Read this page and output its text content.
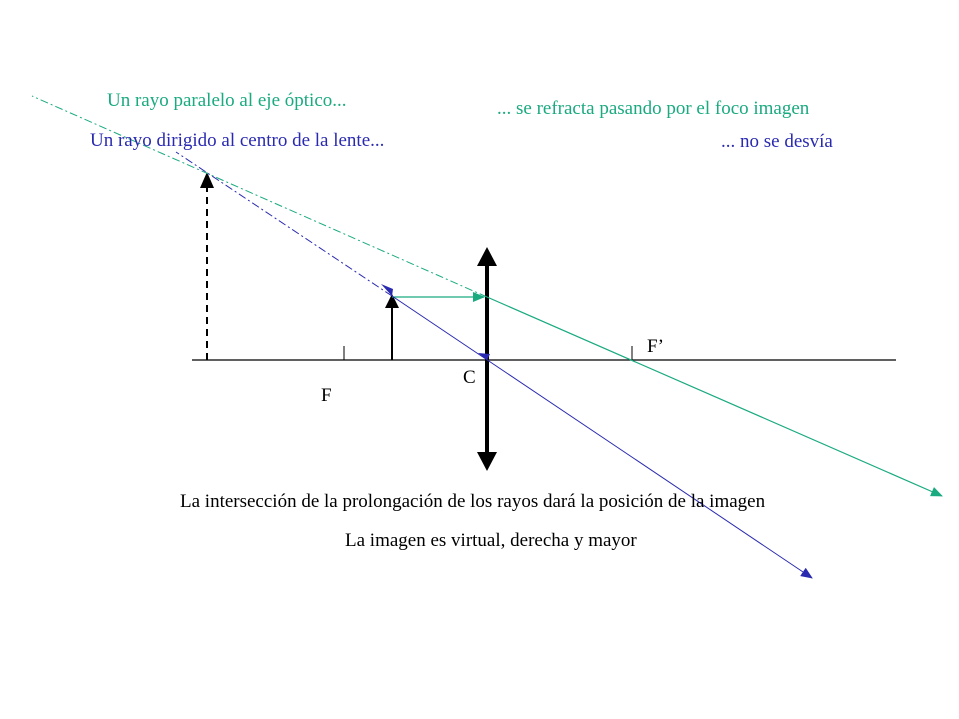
Un rayo paralelo al eje óptico...	... se refracta pasando por el foco imagen
Un rayo dirigido al centro de la lente...	... no se desvía
F
F’
C
La intersección de la prolongación de los rayos dará la posición de la imagen
La imagen es virtual, derecha y mayor
